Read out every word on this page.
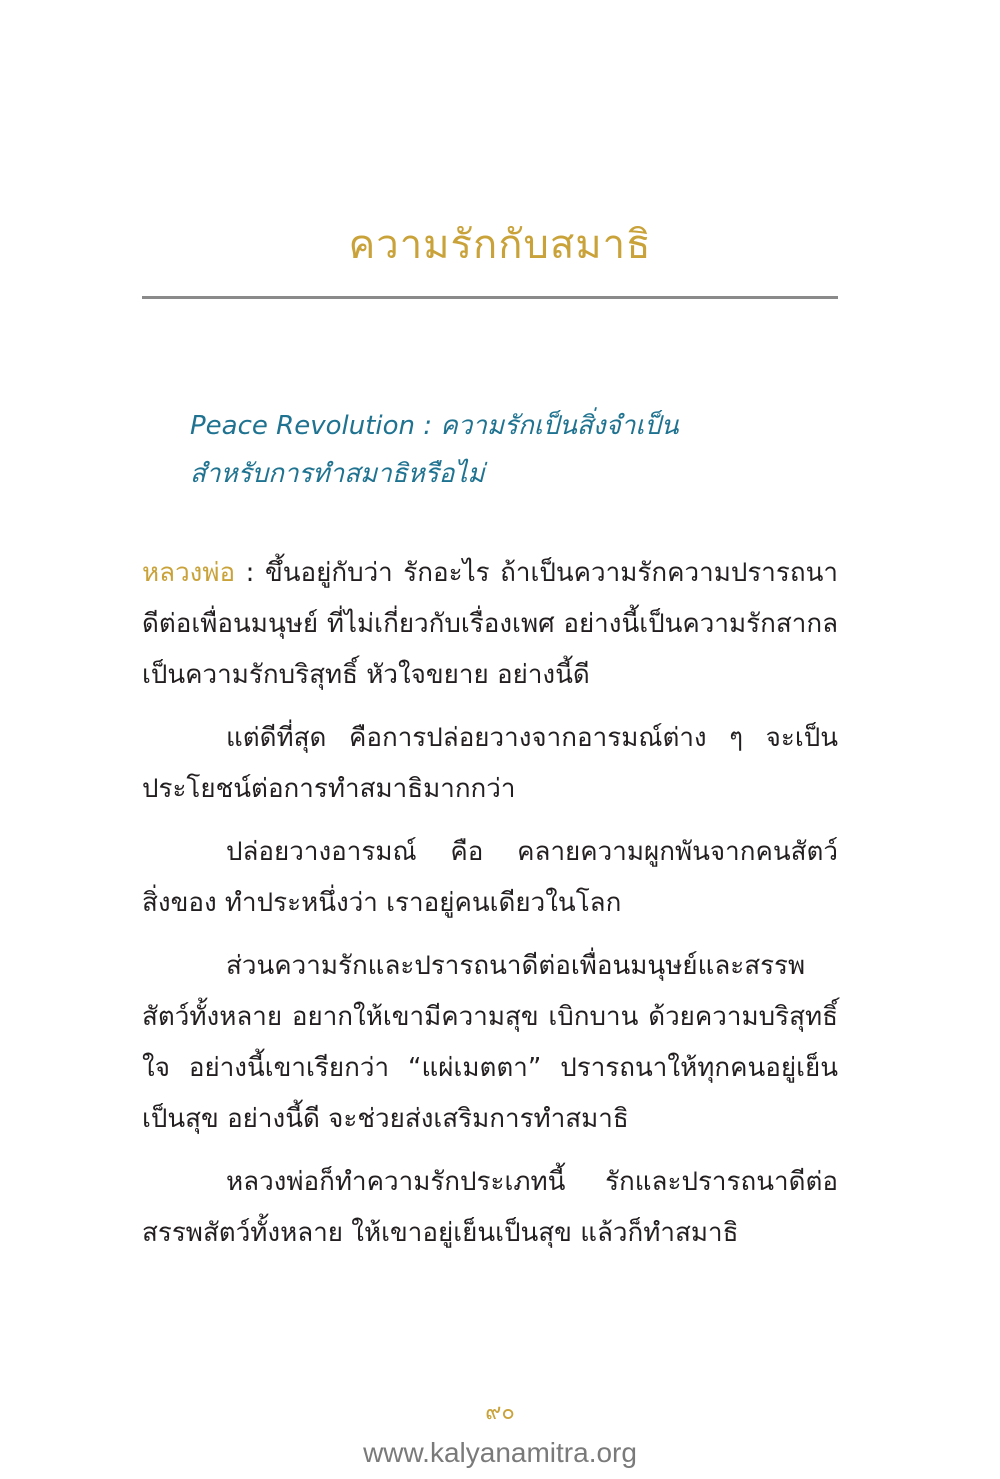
ความรักกับสมาธิ
Peace Revolution : ความรักเป็นสิ่งจำเป็น
สำหรับการทำสมาธิหรือไม่

หลวงพ่อ : ขึ้นอยู่กับว่า รักอะไร ถ้าเป็นความรักความปรารถนาดีต่อเพื่อนมนุษย์ ที่ไม่เกี่ยวกับเรื่องเพศ อย่างนี้เป็นความรักสากล เป็นความรักบริสุทธิ์ หัวใจขยาย อย่างนี้ดี

แต่ดีที่สุด คือการปล่อยวางจากอารมณ์ต่าง ๆ จะเป็นประโยชน์ต่อการทำสมาธิมากกว่า

ปล่อยวางอารมณ์ คือ คลายความผูกพันจากคนสัตว์สิ่งของ ทำประหนึ่งว่า เราอยู่คนเดียวในโลก

ส่วนความรักและปรารถนาดีต่อเพื่อนมนุษย์และสรรพสัตว์ทั้งหลาย อยากให้เขามีความสุข เบิกบาน ด้วยความบริสุทธิ์ใจ อย่างนี้เขาเรียกว่า “แผ่เมตตา” ปรารถนาให้ทุกคนอยู่เย็นเป็นสุข อย่างนี้ดี จะช่วยส่งเสริมการทำสมาธิ

หลวงพ่อก็ทำความรักประเภทนี้ รักและปรารถนาดีต่อสรรพสัตว์ทั้งหลาย ให้เขาอยู่เย็นเป็นสุข แล้วก็ทำสมาธิ

๙๐
www.kalyanamitra.org
